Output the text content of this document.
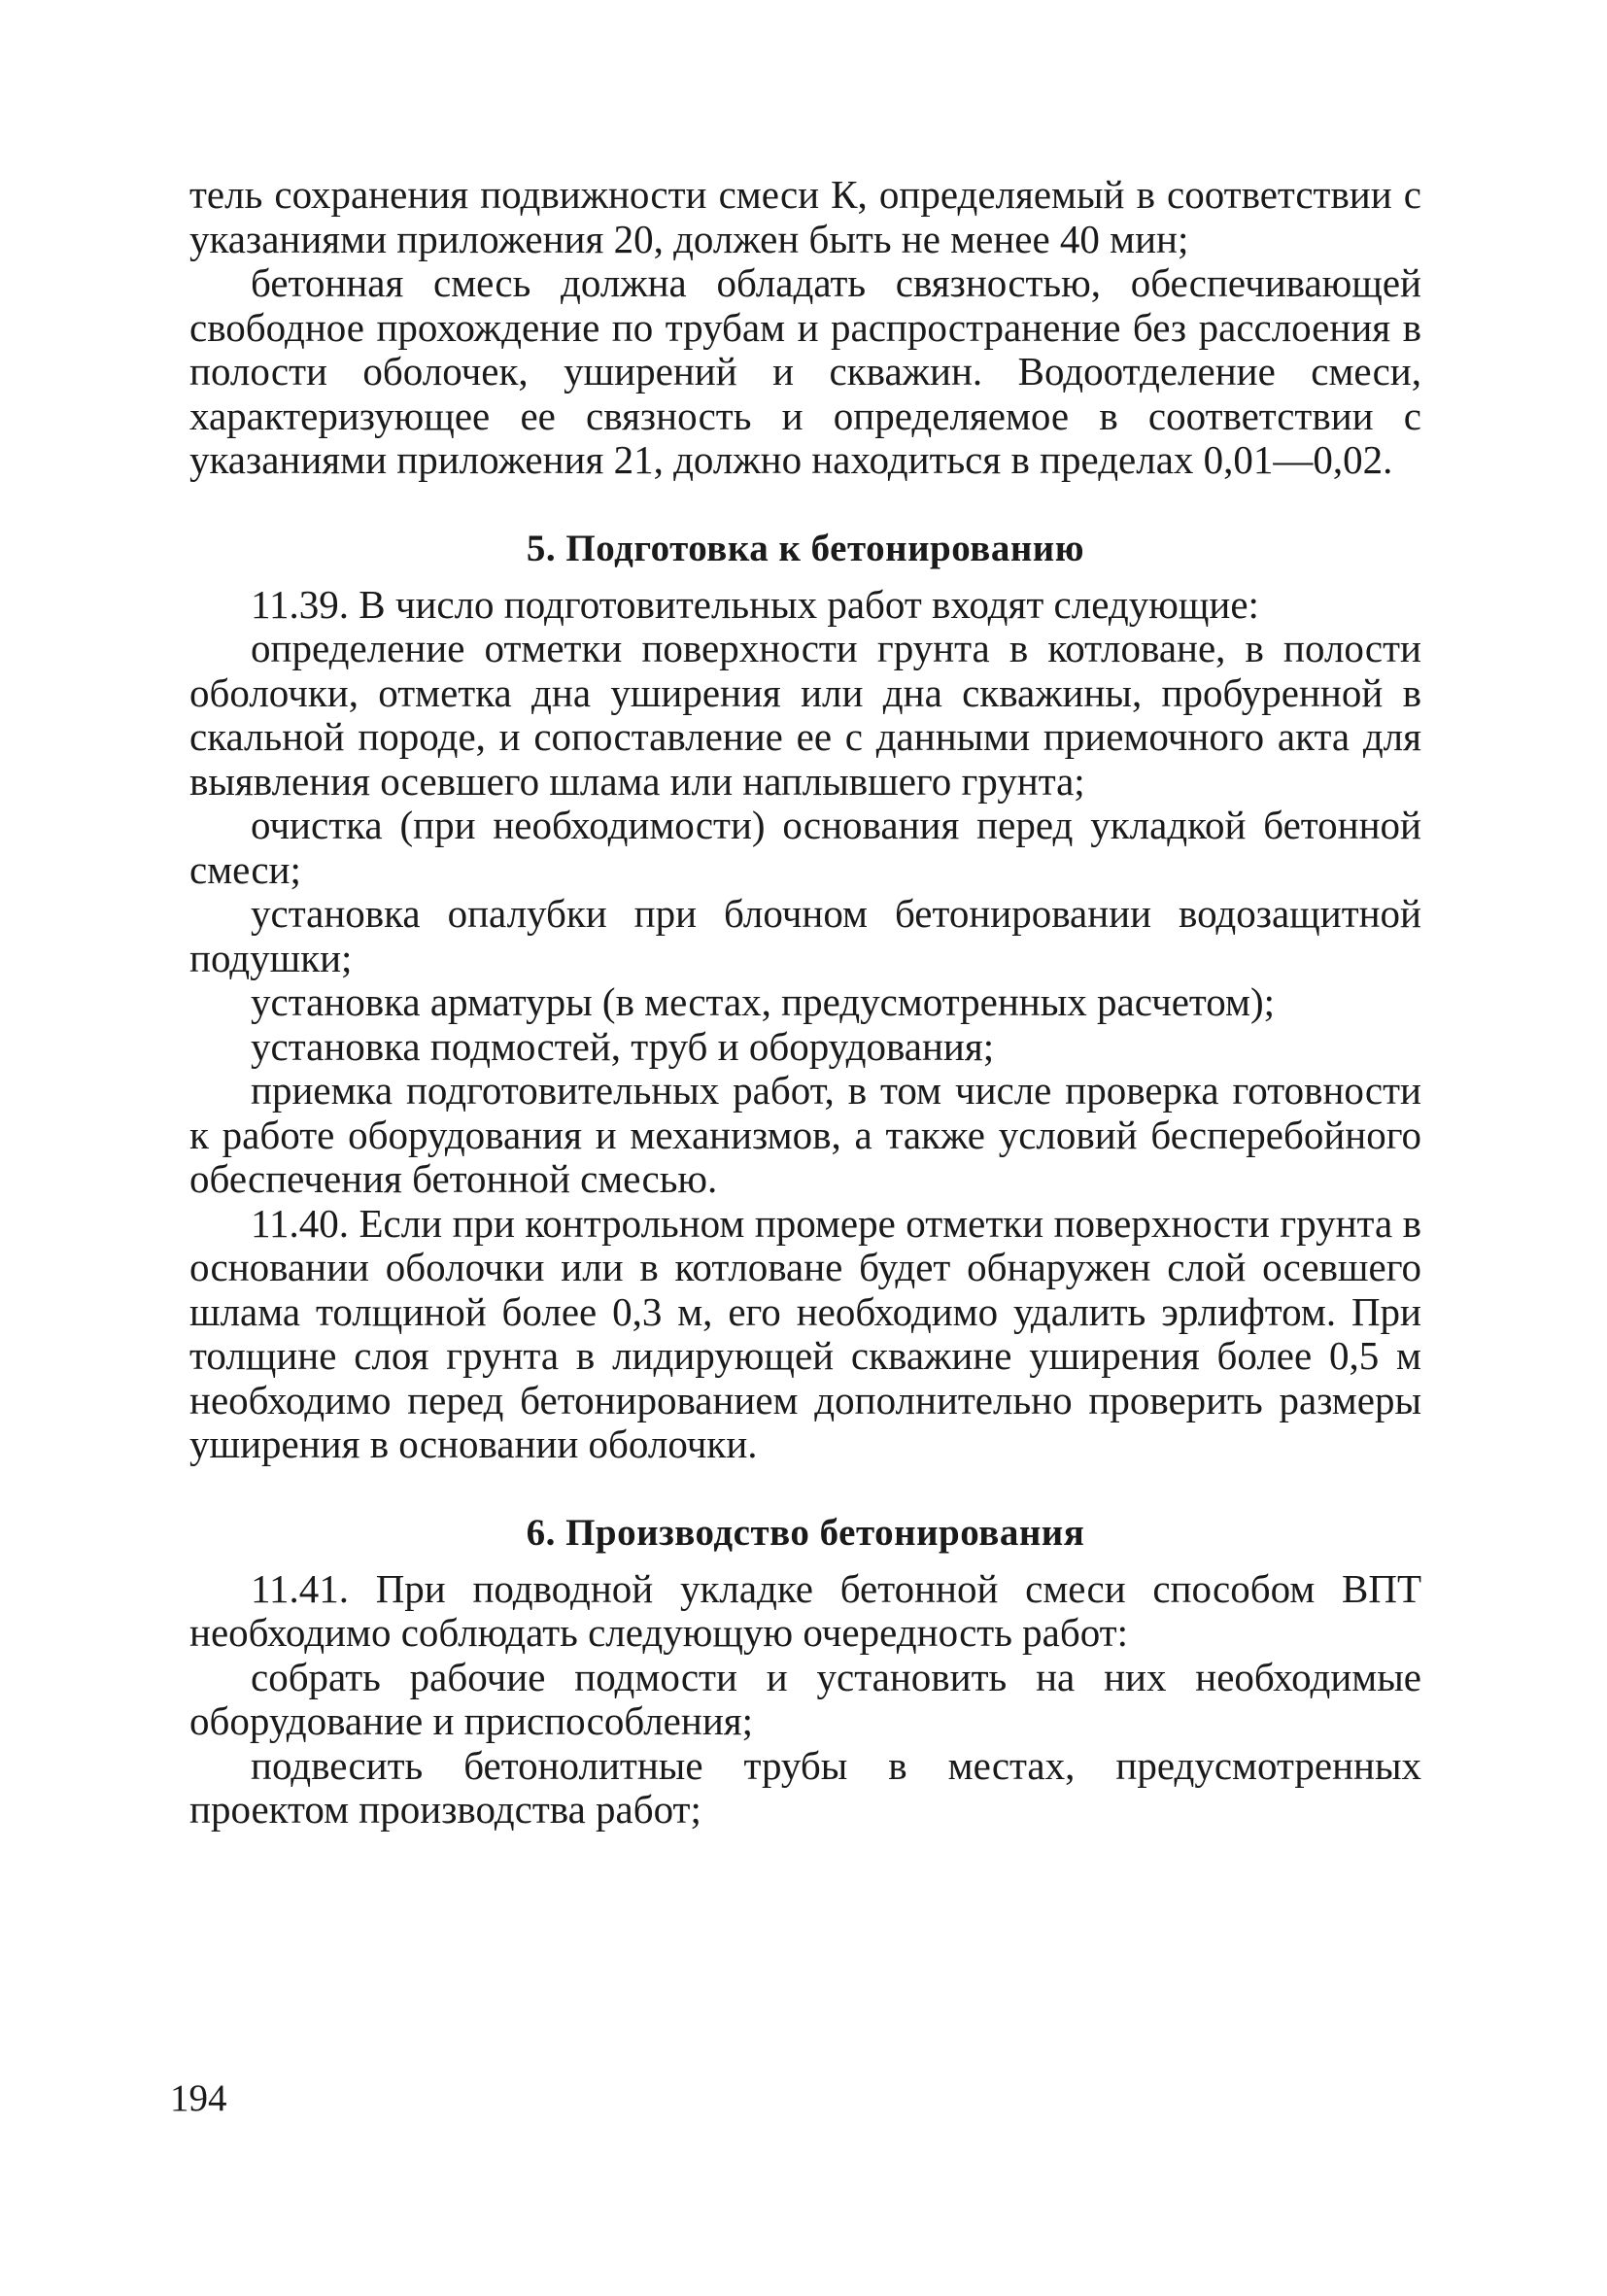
тель сохранения подвижности смеси К, определяемый в соответствии с указаниями приложения 20, должен быть не менее 40 мин;

бетонная смесь должна обладать связностью, обеспечивающей свободное прохождение по трубам и распространение без расслоения в полости оболочек, уширений и скважин. Водоотделение смеси, характеризующее ее связность и определяемое в соответствии с указаниями приложения 21, должно находиться в пределах 0,01—0,02.

5. Подготовка к бетонированию

11.39. В число подготовительных работ входят следующие:

определение отметки поверхности грунта в котловане, в полости оболочки, отметка дна уширения или дна скважины, пробуренной в скальной породе, и сопоставление ее с данными приемочного акта для выявления осевшего шлама или наплывшего грунта;

очистка (при необходимости) основания перед укладкой бетонной смеси;

установка опалубки при блочном бетонировании водозащитной подушки;

установка арматуры (в местах, предусмотренных расчетом);

установка подмостей, труб и оборудования;

приемка подготовительных работ, в том числе проверка готовности к работе оборудования и механизмов, а также условий бесперебойного обеспечения бетонной смесью.

11.40. Если при контрольном промере отметки поверхности грунта в основании оболочки или в котловане будет обнаружен слой осевшего шлама толщиной более 0,3 м, его необходимо удалить эрлифтом. При толщине слоя грунта в лидирующей скважине уширения более 0,5 м необходимо перед бетонированием дополнительно проверить размеры уширения в основании оболочки.

6. Производство бетонирования

11.41. При подводной укладке бетонной смеси способом ВПТ необходимо соблюдать следующую очередность работ:

собрать рабочие подмости и установить на них необходимые оборудование и приспособления;

подвесить бетонолитные трубы в местах, предусмотренных проектом производства работ;

194
